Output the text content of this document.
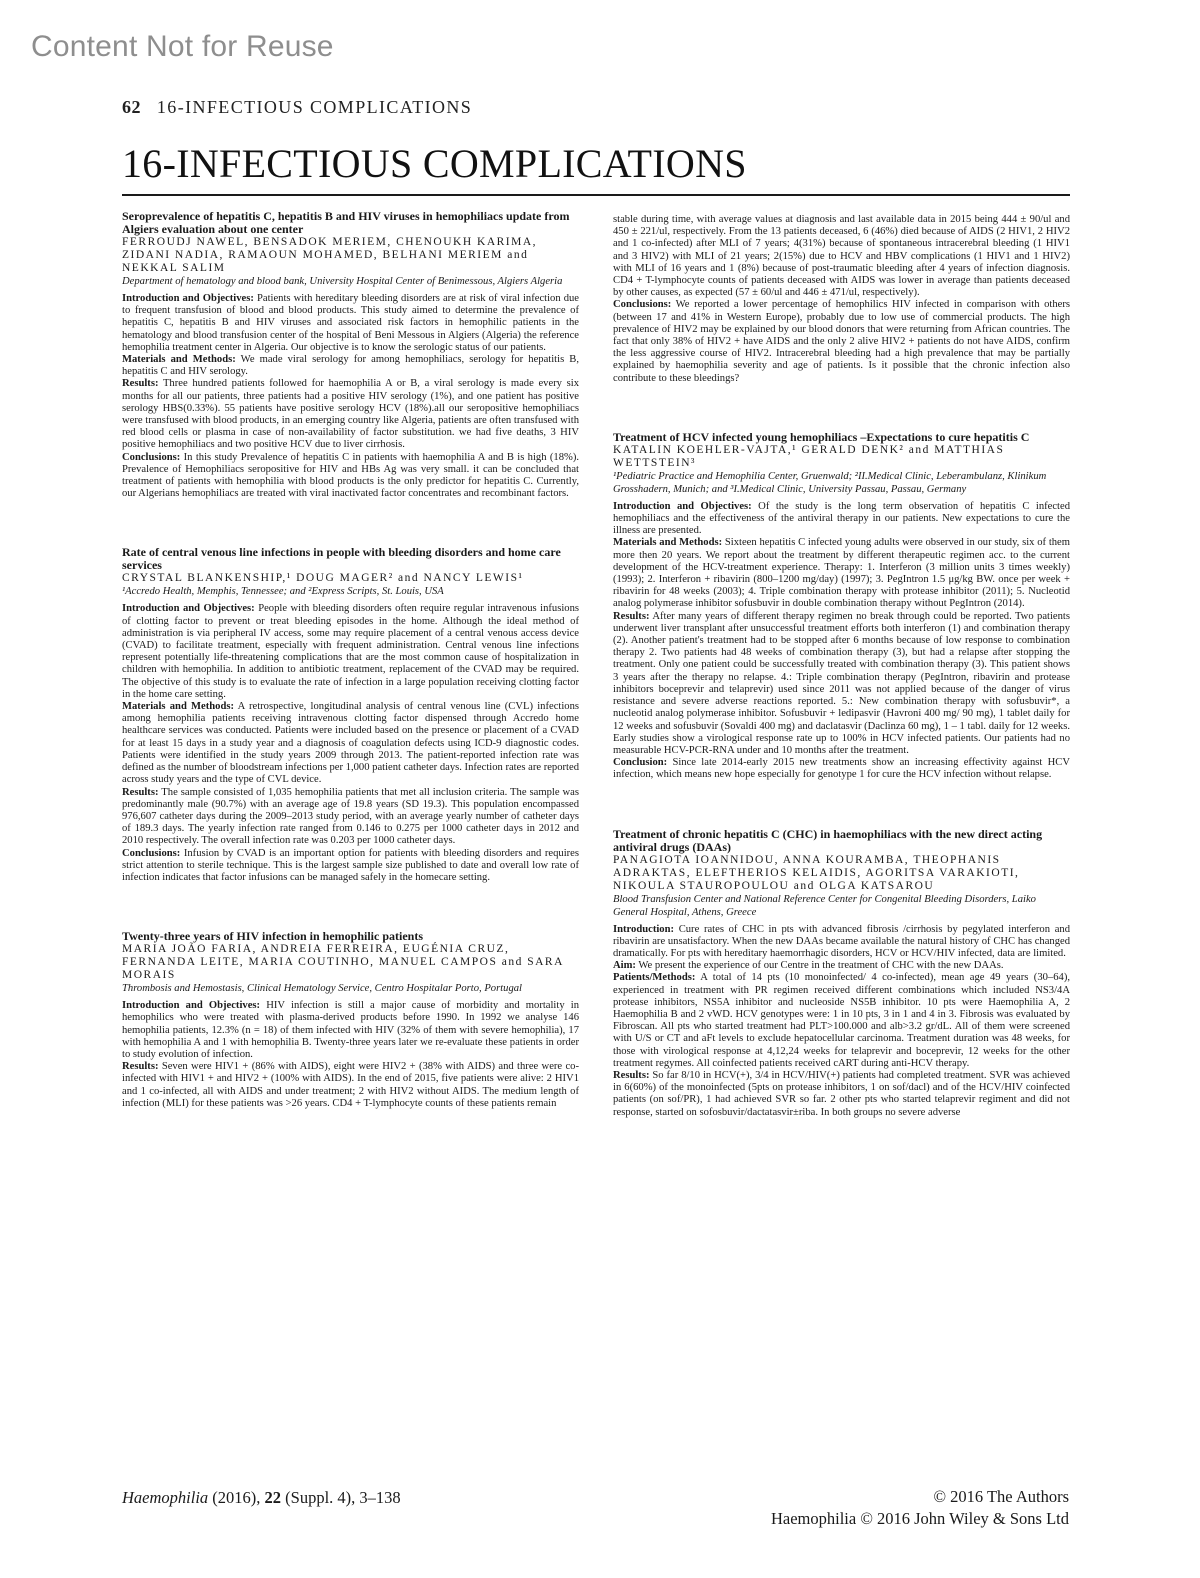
Content Not for Reuse
62 16-INFECTIOUS COMPLICATIONS
16-INFECTIOUS COMPLICATIONS

Seroprevalence of hepatitis C, hepatitis B and HIV viruses in hemophiliacs update from Algiers evaluation about one center

FERROUDJ NAWEL, BENSADOK MERIEM, CHENOUKH KARIMA, ZIDANI NADIA, RAMAOUN MOHAMED, BELHANI MERIEM and NEKKAL SALIM

Department of hematology and blood bank, University Hospital Center of Benimessous, Algiers Algeria

Introduction and Objectives: Patients with hereditary bleeding disorders are at risk of viral infection due to frequent transfusion of blood and blood products. This study aimed to determine the prevalence of hepatitis C, hepatitis B and HIV viruses and associated risk factors in hemophilic patients in the hematology and blood transfusion center of the hospital of Beni Messous in Algiers (Algeria) the reference hemophilia treatment center in Algeria. Our objective is to know the serologic status of our patients.

Materials and Methods: We made viral serology for among hemophiliacs, serology for hepatitis B, hepatitis C and HIV serology.

Results: Three hundred patients followed for haemophilia A or B, a viral serology is made every six months for all our patients, three patients had a positive HIV serology (1%), and one patient has positive serology HBS(0.33%). 55 patients have positive serology HCV (18%).all our seropositive hemophiliacs were transfused with blood products, in an emerging country like Algeria, patients are often transfused with red blood cells or plasma in case of non-availability of factor substitution. we had five deaths, 3 HIV positive hemophiliacs and two positive HCV due to liver cirrhosis.

Conclusions: In this study Prevalence of hepatitis C in patients with haemophilia A and B is high (18%). Prevalence of Hemophiliacs seropositive for HIV and HBs Ag was very small. it can be concluded that treatment of patients with hemophilia with blood products is the only predictor for hepatitis C. Currently, our Algerians hemophiliacs are treated with viral inactivated factor concentrates and recombinant factors.

Rate of central venous line infections in people with bleeding disorders and home care services

CRYSTAL BLANKENSHIP,¹ DOUG MAGER² and NANCY LEWIS¹

¹Accredo Health, Memphis, Tennessee; and ²Express Scripts, St. Louis, USA

Introduction and Objectives: People with bleeding disorders often require regular intravenous infusions of clotting factor to prevent or treat bleeding episodes in the home. Although the ideal method of administration is via peripheral IV access, some may require placement of a central venous access device (CVAD) to facilitate treatment, especially with frequent administration. Central venous line infections represent potentially life-threatening complications that are the most common cause of hospitalization in children with hemophilia. In addition to antibiotic treatment, replacement of the CVAD may be required. The objective of this study is to evaluate the rate of infection in a large population receiving clotting factor in the home care setting.

Materials and Methods: A retrospective, longitudinal analysis of central venous line (CVL) infections among hemophilia patients receiving intravenous clotting factor dispensed through Accredo home healthcare services was conducted. Patients were included based on the presence or placement of a CVAD for at least 15 days in a study year and a diagnosis of coagulation defects using ICD-9 diagnostic codes. Patients were identified in the study years 2009 through 2013. The patient-reported infection rate was defined as the number of bloodstream infections per 1,000 patient catheter days. Infection rates are reported across study years and the type of CVL device.

Results: The sample consisted of 1,035 hemophilia patients that met all inclusion criteria. The sample was predominantly male (90.7%) with an average age of 19.8 years (SD 19.3). This population encompassed 976,607 catheter days during the 2009–2013 study period, with an average yearly number of catheter days of 189.3 days. The yearly infection rate ranged from 0.146 to 0.275 per 1000 catheter days in 2012 and 2010 respectively. The overall infection rate was 0.203 per 1000 catheter days.

Conclusions: Infusion by CVAD is an important option for patients with bleeding disorders and requires strict attention to sterile technique. This is the largest sample size published to date and overall low rate of infection indicates that factor infusions can be managed safely in the homecare setting.

Twenty-three years of HIV infection in hemophilic patients

MARIA JOÃO FARIA, ANDREIA FERREIRA, EUGÉNIA CRUZ, FERNANDA LEITE, MARIA COUTINHO, MANUEL CAMPOS and SARA MORAIS

Thrombosis and Hemostasis, Clinical Hematology Service, Centro Hospitalar Porto, Portugal

Introduction and Objectives: HIV infection is still a major cause of morbidity and mortality in hemophilics who were treated with plasma-derived products before 1990. In 1992 we analyse 146 hemophilia patients, 12.3% (n = 18) of them infected with HIV (32% of them with severe hemophilia), 17 with hemophilia A and 1 with hemophilia B. Twenty-three years later we re-evaluate these patients in order to study evolution of infection.

Results: Seven were HIV1 + (86% with AIDS), eight were HIV2 + (38% with AIDS) and three were co-infected with HIV1 + and HIV2 + (100% with AIDS). In the end of 2015, five patients were alive: 2 HIV1 and 1 co-infected, all with AIDS and under treatment; 2 with HIV2 without AIDS. The medium length of infection (MLI) for these patients was >26 years. CD4 + T-lymphocyte counts of these patients remain

stable during time, with average values at diagnosis and last available data in 2015 being 444 ± 90/ul and 450 ± 221/ul, respectively. From the 13 patients deceased, 6 (46%) died because of AIDS (2 HIV1, 2 HIV2 and 1 co-infected) after MLI of 7 years; 4(31%) because of spontaneous intracerebral bleeding (1 HIV1 and 3 HIV2) with MLI of 21 years; 2(15%) due to HCV and HBV complications (1 HIV1 and 1 HIV2) with MLI of 16 years and 1 (8%) because of post-traumatic bleeding after 4 years of infection diagnosis. CD4 + T-lymphocyte counts of patients deceased with AIDS was lower in average than patients deceased by other causes, as expected (57 ± 60/ul and 446 ± 471/ul, respectively).

Conclusions: We reported a lower percentage of hemophilics HIV infected in comparison with others (between 17 and 41% in Western Europe), probably due to low use of commercial products. The high prevalence of HIV2 may be explained by our blood donors that were returning from African countries. The fact that only 38% of HIV2 + have AIDS and the only 2 alive HIV2 + patients do not have AIDS, confirm the less aggressive course of HIV2. Intracerebral bleeding had a high prevalence that may be partially explained by haemophilia severity and age of patients. Is it possible that the chronic infection also contribute to these bleedings?

Treatment of HCV infected young hemophiliacs –Expectations to cure hepatitis C

KATALIN KOEHLER-VAJTA,¹ GERALD DENK² and MATTHIAS WETTSTEIN³

¹Pediatric Practice and Hemophilia Center, Gruenwald; ²II.Medical Clinic, Leberambulanz, Klinikum Grosshadern, Munich; and ³I.Medical Clinic, University Passau, Passau, Germany

Introduction and Objectives: Of the study is the long term observation of hepatitis C infected hemophiliacs and the effectiveness of the antiviral therapy in our patients. New expectations to cure the illness are presented.

Materials and Methods: Sixteen hepatitis C infected young adults were observed in our study, six of them more then 20 years. We report about the treatment by different therapeutic regimen acc. to the current development of the HCV-treatment experience. Therapy: 1. Interferon (3 million units 3 times weekly) (1993); 2. Interferon + ribavirin (800–1200 mg/day) (1997); 3. PegIntron 1.5 μg/kg BW. once per week + ribavirin for 48 weeks (2003); 4. Triple combination therapy with protease inhibitor (2011); 5. Nucleotid analog polymerase inhibitor sofusbuvir in double combination therapy without PegIntron (2014).

Results: After many years of different therapy regimen no break through could be reported. Two patients underwent liver transplant after unsuccessful treatment efforts both interferon (1) and combination therapy (2). Another patient's treatment had to be stopped after 6 months because of low response to combination therapy 2. Two patients had 48 weeks of combination therapy (3), but had a relapse after stopping the treatment. Only one patient could be successfully treated with combination therapy (3). This patient shows 3 years after the therapy no relapse. 4.: Triple combination therapy (PegIntron, ribavirin and protease inhibitors boceprevir and telaprevir) used since 2011 was not applied because of the danger of virus resistance and severe adverse reactions reported. 5.: New combination therapy with sofusbuvir*, a nucleotid analog polymerase inhibitor. Sofusbuvir + ledipasvir (Havroni 400 mg/ 90 mg), 1 tablet daily for 12 weeks and sofusbuvir (Sovaldi 400 mg) and daclatasvir (Daclinza 60 mg), 1 – 1 tabl. daily for 12 weeks. Early studies show a virological response rate up to 100% in HCV infected patients. Our patients had no measurable HCV-PCR-RNA under and 10 months after the treatment.

Conclusion: Since late 2014-early 2015 new treatments show an increasing effectivity against HCV infection, which means new hope especially for genotype 1 for cure the HCV infection without relapse.

Treatment of chronic hepatitis C (CHC) in haemophiliacs with the new direct acting antiviral drugs (DAAs)

PANAGIOTA IOANNIDOU, ANNA KOURAMBA, THEOPHANIS ADRAKTAS, ELEFTHERIOS KELAIDIS, AGORITSA VARAKIOTI, NIKOULA STAUROPOULOU and OLGA KATSAROU

Blood Transfusion Center and National Reference Center for Congenital Bleeding Disorders, Laiko General Hospital, Athens, Greece

Introduction: Cure rates of CHC in pts with advanced fibrosis /cirrhosis by pegylated interferon and ribavirin are unsatisfactory. When the new DAAs became available the natural history of CHC has changed dramatically. For pts with hereditary haemorrhagic disorders, HCV or HCV/HIV infected, data are limited.

Aim: We present the experience of our Centre in the treatment of CHC with the new DAAs.

Patients/Methods: A total of 14 pts (10 monoinfected/ 4 co-infected), mean age 49 years (30–64), experienced in treatment with PR regimen received different combinations which included NS3/4A protease inhibitors, NS5A inhibitor and nucleoside NS5B inhibitor. 10 pts were Haemophilia A, 2 Haemophilia B and 2 vWD. HCV genotypes were: 1 in 10 pts, 3 in 1 and 4 in 3. Fibrosis was evaluated by Fibroscan. All pts who started treatment had PLT>100.000 and alb>3.2 gr/dL. All of them were screened with U/S or CT and aFt levels to exclude hepatocellular carcinoma. Treatment duration was 48 weeks, for those with virological response at 4,12,24 weeks for telaprevir and boceprevir, 12 weeks for the other treatment regymes. All coinfected patients received cART during anti-HCV therapy.

Results: So far 8/10 in HCV(+), 3/4 in HCV/HIV(+) patients had completed treatment. SVR was achieved in 6(60%) of the monoinfected (5pts on protease inhibitors, 1 on sof/dacl) and of the HCV/HIV coinfected patients (on sof/PR), 1 had achieved SVR so far. 2 other pts who started telaprevir regiment and did not response, started on sofosbuvir/dactatasvir±riba. In both groups no severe adverse

Haemophilia (2016), 22 (Suppl. 4), 3–138	© 2016 The Authors
Haemophilia © 2016 John Wiley & Sons Ltd
